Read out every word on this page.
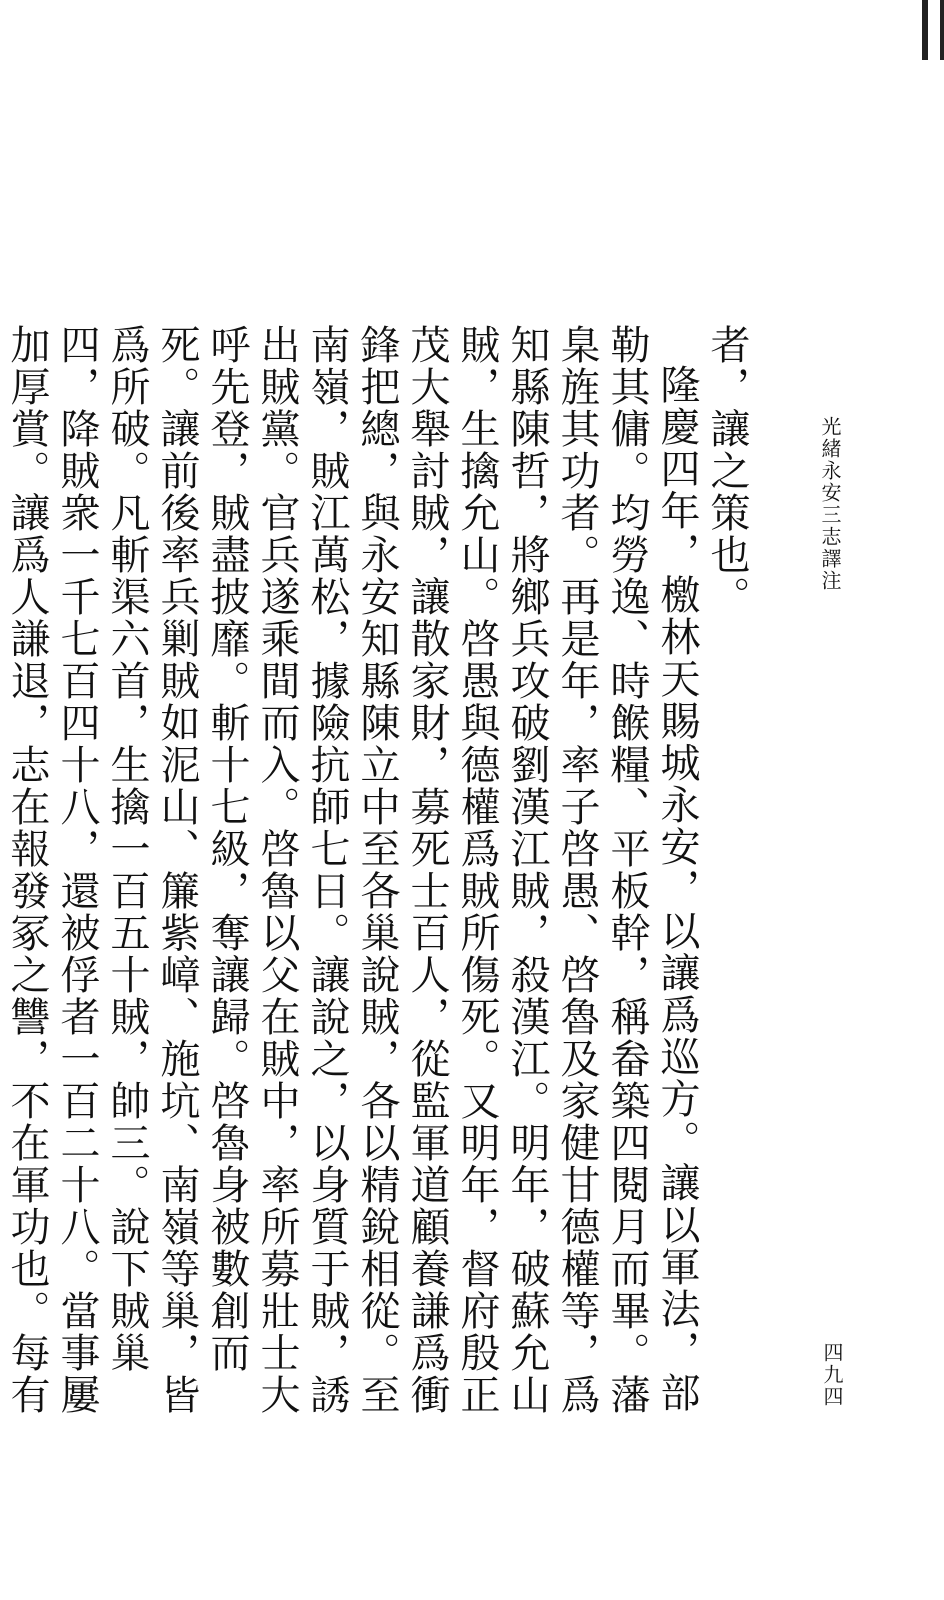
光緒永安三志譯注
四九四

者，讓之策也。

隆慶四年，檄林天賜城永安，以讓爲巡方。讓以軍法，部勒其傭。均勞逸、時餱糧、平板幹，稱畚築四閱月而畢。藩臬旌其功者。再是年，率子啓愚、啓魯及家健甘德權等，爲知縣陳哲，將鄉兵攻破劉漢江賊，殺漢江。明年，破蘇允山賊，生擒允山。啓愚與德權爲賊所傷死。又明年，督府殷正茂大舉討賊，讓散家財，募死士百人，從監軍道顧養謙爲衝鋒把總，與永安知縣陳立中至各巢說賊，各以精銳相從。至南嶺，賊江萬松，據險抗師七日。讓說之，以身質于賊，誘出賊黨。官兵遂乘間而入。啓魯以父在賊中，率所募壯士大呼先登，賊盡披靡。斬十七級，奪讓歸。啓魯身被數創而死。讓前後率兵剿賊如泥山、簾紫嶂、施坑、南嶺等巢，皆爲所破。凡斬渠六首，生擒一百五十賊，帥三。說下賊巢四，降賊衆一千七百四十八，還被俘者一百二十八。當事屢加厚賞。讓爲人謙退，志在報發冢之讐，不在軍功也。每有
